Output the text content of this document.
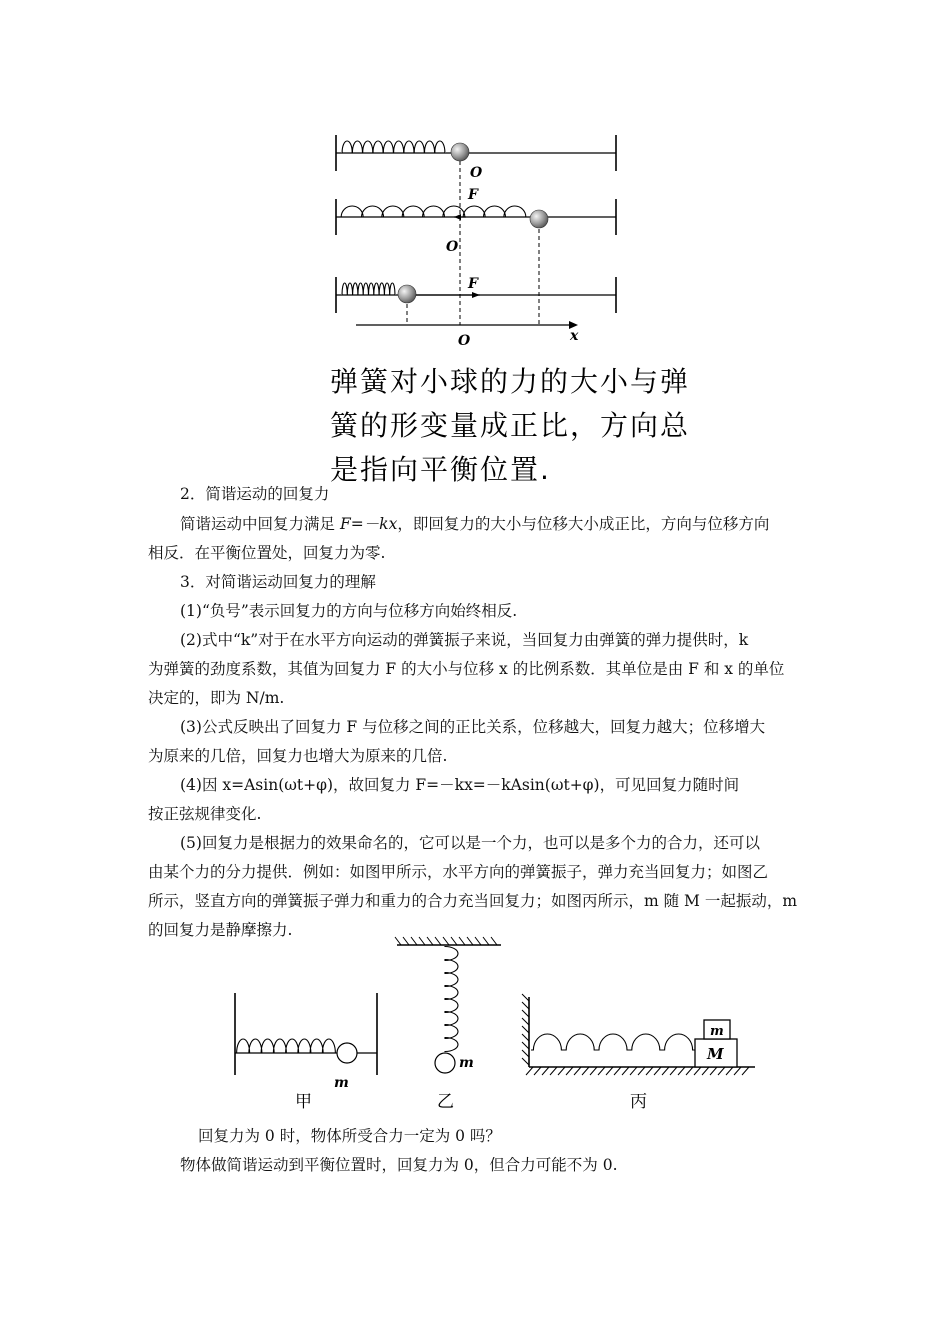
O
F
O
F
x
O
弹簧对小球的力的大小与弹
簧的形变量成正比，方向总
是指向平衡位置.
2．简谐运动的回复力
简谐运动中回复力满足 F=－kx，即回复力的大小与位移大小成正比，方向与位移方向
相反．在平衡位置处，回复力为零.
3．对简谐运动回复力的理解
(1)“负号”表示回复力的方向与位移方向始终相反.
(2)式中“k”对于在水平方向运动的弹簧振子来说，当回复力由弹簧的弹力提供时，k
为弹簧的劲度系数，其值为回复力 F 的大小与位移 x 的比例系数．其单位是由 F 和 x 的单位
决定的，即为 N/m.
(3)公式反映出了回复力 F 与位移之间的正比关系，位移越大，回复力越大；位移增大
为原来的几倍，回复力也增大为原来的几倍.
(4)因 x=Asin(ωt+φ)，故回复力 F=－kx=－kAsin(ωt+φ)，可见回复力随时间
按正弦规律变化.
(5)回复力是根据力的效果命名的，它可以是一个力，也可以是多个力的合力，还可以
由某个力的分力提供．例如：如图甲所示，水平方向的弹簧振子，弹力充当回复力；如图乙
所示，竖直方向的弹簧振子弹力和重力的合力充当回复力；如图丙所示，m 随 M 一起振动，m
的回复力是静摩擦力.
m
甲
m
乙
M
m
丙
回复力为 0 时，物体所受合力一定为 0 吗？
物体做简谐运动到平衡位置时，回复力为 0，但合力可能不为 0.
